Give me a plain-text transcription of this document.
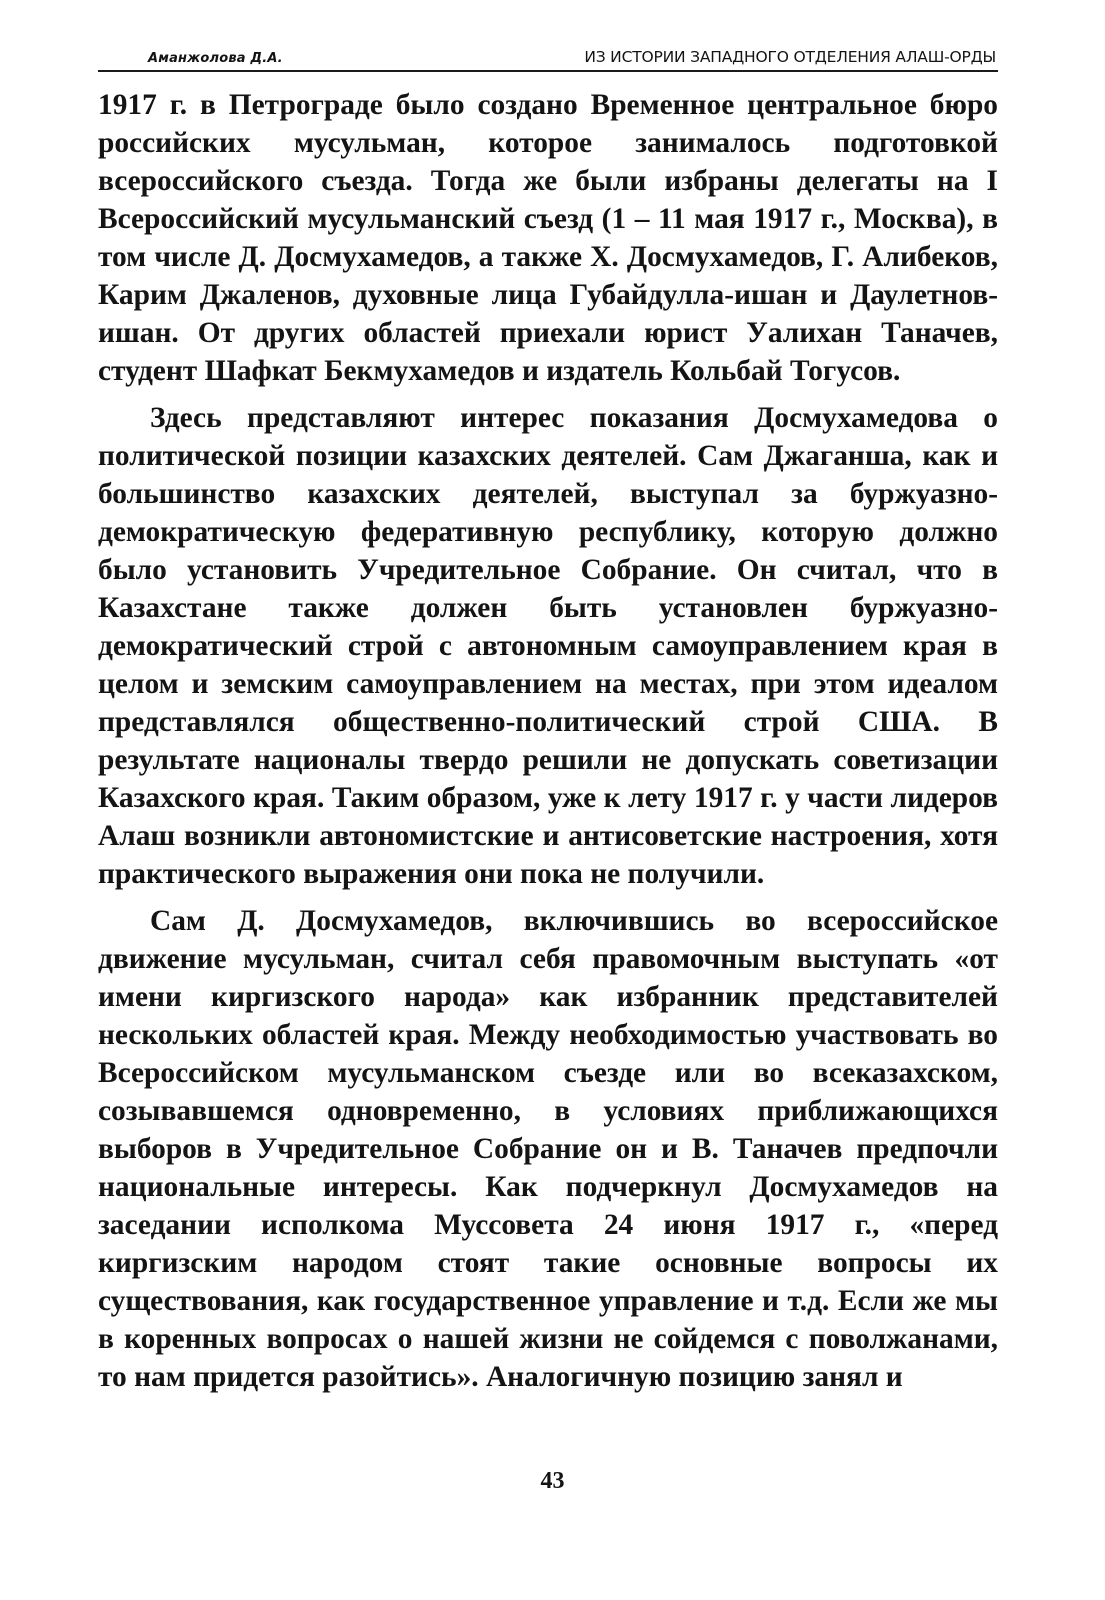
Аманжолова Д.А.	ИЗ ИСТОРИИ ЗАПАДНОГО ОТДЕЛЕНИЯ АЛАШ-ОРДЫ

1917 г. в Петрограде было создано Временное центральное бюро российских мусульман, которое занималось подготовкой всероссийского съезда. Тогда же были избраны делегаты на I Всероссийский мусульманский съезд (1 – 11 мая 1917 г., Москва), в том числе Д. Досмухамедов, а также Х. Досмухамедов, Г. Алибеков, Карим Джаленов, духовные лица Губайдулла-ишан и Даулетнов-ишан. От других областей приехали юрист Уалихан Таначев, студент Шафкат Бекмухамедов и издатель Кольбай Тогусов.

Здесь представляют интерес показания Досмухамедова о политической позиции казахских деятелей. Сам Джаганша, как и большинство казахских деятелей, выступал за буржуазно-демократическую федеративную республику, которую должно было установить Учредительное Собрание. Он считал, что в Казахстане также должен быть установлен буржуазно-демократический строй с автономным самоуправлением края в целом и земским самоуправлением на местах, при этом идеалом представлялся общественно-политический строй США. В результате националы твердо решили не допускать советизации Казахского края. Таким образом, уже к лету 1917 г. у части лидеров Алаш возникли автономистские и антисоветские настроения, хотя практического выражения они пока не получили.

Сам Д. Досмухамедов, включившись во всероссийское движение мусульман, считал себя правомочным выступать «от имени киргизского народа» как избранник представителей нескольких областей края. Между необходимостью участвовать во Всероссийском мусульманском съезде или во всеказахском, созывавшемся одновременно, в условиях приближающихся выборов в Учредительное Собрание он и В. Таначев предпочли национальные интересы. Как подчеркнул Досмухамедов на заседании исполкома Муссовета 24 июня 1917 г., «перед киргизским народом стоят такие основные вопросы их существования, как государственное управление и т.д. Если же мы в коренных вопросах о нашей жизни не сойдемся с поволжанами, то нам придется разойтись». Аналогичную позицию занял и

43
